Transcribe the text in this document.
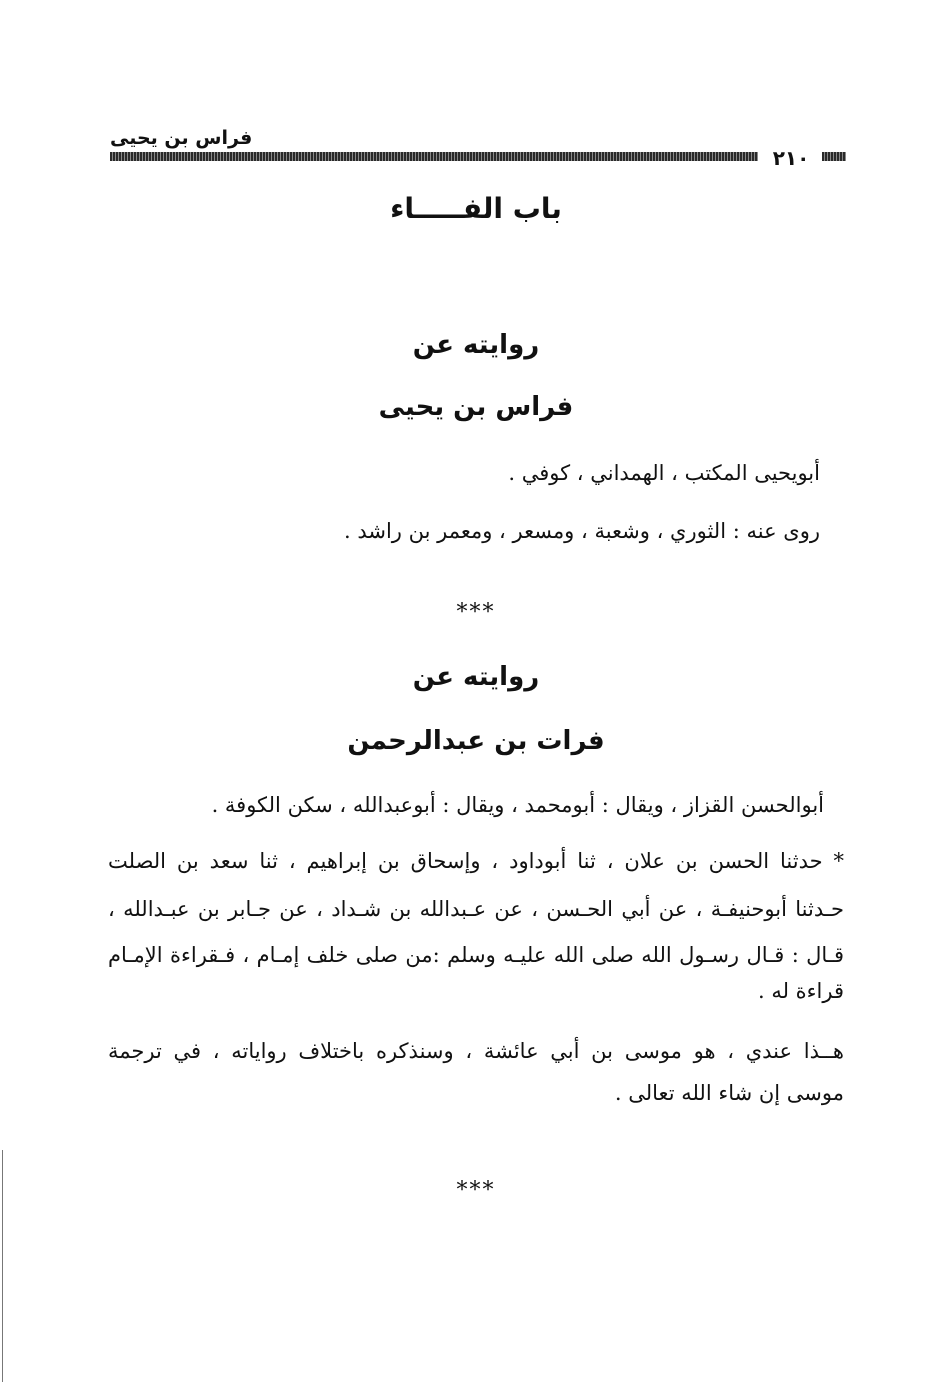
فراس بن يحيى
٢١٠
باب الفـــــاء
روايته عن
فراس بن يحيى
أبويحيى المكتب ، الهمداني ، كوفي .
روى عنه : الثوري ، وشعبة ، ومسعر ، ومعمر بن راشد .
***
روايته عن
فرات بن عبدالرحمن
أبوالحسن القزاز ، ويقال : أبومحمد ، ويقال : أبوعبدالله ، سكن الكوفة .
* حدثنا الحسن بن علان ، ثنا أبوداود ، وإسحاق بن إبراهيم ، ثنا سعد بن الصلت
حـدثنا أبوحنيفـة ، عن أبي الحـسن ، عن عـبدالله بن شـداد ، عن جـابر بن عبـدالله ،
قـال : قـال رسـول الله صلى الله عليـه وسلم :من صلى خلف إمـام ، فـقراءة الإمـام
قراءة له .
هــذا عندي ، هو موسى بن أبي عائشة ، وسنذكره باختلاف رواياته ، في ترجمة
موسى إن شاء الله تعالى .
***
